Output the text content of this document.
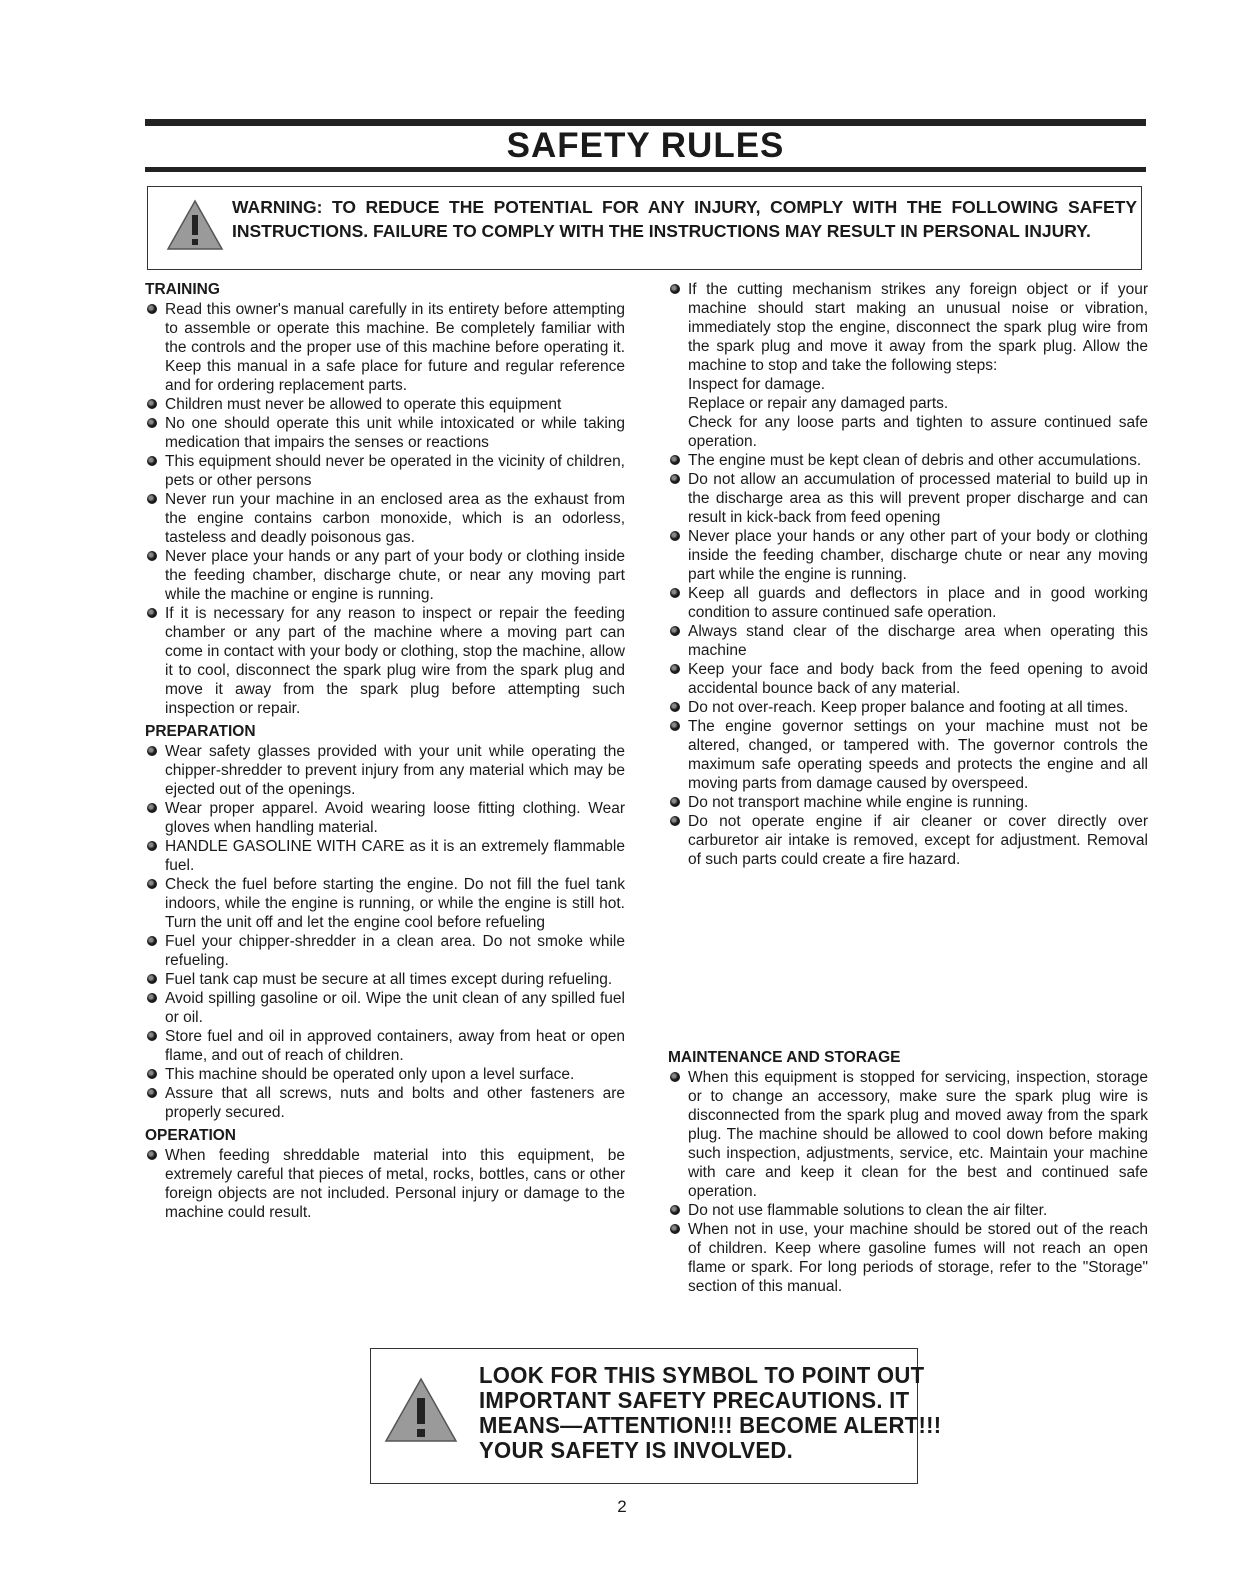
SAFETY RULES
WARNING: TO REDUCE THE POTENTIAL FOR ANY INJURY, COMPLY WITH THE FOLLOWING SAFETY INSTRUCTIONS. FAILURE TO COMPLY WITH THE INSTRUCTIONS MAY RESULT IN PERSONAL INJURY.
TRAINING

Read this owner's manual carefully in its entirety before attempting to assemble or operate this machine. Be completely familiar with the controls and the proper use of this machine before operating it. Keep this manual in a safe place for future and regular reference and for ordering replacement parts.

Children must never be allowed to operate this equipment

No one should operate this unit while intoxicated or while taking medication that impairs the senses or reactions

This equipment should never be operated in the vicinity of children, pets or other persons

Never run your machine in an enclosed area as the exhaust from the engine contains carbon monoxide, which is an odorless, tasteless and deadly poisonous gas.

Never place your hands or any part of your body or clothing inside the feeding chamber, discharge chute, or near any moving part while the machine or engine is running.

If it is necessary for any reason to inspect or repair the feeding chamber or any part of the machine where a moving part can come in contact with your body or clothing, stop the machine, allow it to cool, disconnect the spark plug wire from the spark plug and move it away from the spark plug before attempting such inspection or repair.

PREPARATION

Wear safety glasses provided with your unit while operating the chipper-shredder to prevent injury from any material which may be ejected out of the openings.

Wear proper apparel. Avoid wearing loose fitting clothing. Wear gloves when handling material.

HANDLE GASOLINE WITH CARE as it is an extremely flammable fuel.

Check the fuel before starting the engine. Do not fill the fuel tank indoors, while the engine is running, or while the engine is still hot. Turn the unit off and let the engine cool before refueling

Fuel your chipper-shredder in a clean area. Do not smoke while refueling.

Fuel tank cap must be secure at all times except during refueling.

Avoid spilling gasoline or oil. Wipe the unit clean of any spilled fuel or oil.

Store fuel and oil in approved containers, away from heat or open flame, and out of reach of children.

This machine should be operated only upon a level surface.

Assure that all screws, nuts and bolts and other fasteners are properly secured.

OPERATION

When feeding shreddable material into this equipment, be extremely careful that pieces of metal, rocks, bottles, cans or other foreign objects are not included. Personal injury or damage to the machine could result.

If the cutting mechanism strikes any foreign object or if your machine should start making an unusual noise or vibration, immediately stop the engine, disconnect the spark plug wire from the spark plug and move it away from the spark plug. Allow the machine to stop and take the following steps:

Inspect for damage.

Replace or repair any damaged parts.

Check for any loose parts and tighten to assure continued safe operation.

The engine must be kept clean of debris and other accumulations.

Do not allow an accumulation of processed material to build up in the discharge area as this will prevent proper discharge and can result in kick-back from feed opening

Never place your hands or any other part of your body or clothing inside the feeding chamber, discharge chute or near any moving part while the engine is running.

Keep all guards and deflectors in place and in good working condition to assure continued safe operation.

Always stand clear of the discharge area when operating this machine

Keep your face and body back from the feed opening to avoid accidental bounce back of any material.

Do not over-reach. Keep proper balance and footing at all times.

The engine governor settings on your machine must not be altered, changed, or tampered with. The governor controls the maximum safe operating speeds and protects the engine and all moving parts from damage caused by overspeed.

Do not transport machine while engine is running.

Do not operate engine if air cleaner or cover directly over carburetor air intake is removed, except for adjustment. Removal of such parts could create a fire hazard.

MAINTENANCE AND STORAGE

When this equipment is stopped for servicing, inspection, storage or to change an accessory, make sure the spark plug wire is disconnected from the spark plug and moved away from the spark plug. The machine should be allowed to cool down before making such inspection, adjustments, service, etc. Maintain your machine with care and keep it clean for the best and continued safe operation.

Do not use flammable solutions to clean the air filter.

When not in use, your machine should be stored out of the reach of children. Keep where gasoline fumes will not reach an open flame or spark. For long periods of storage, refer to the "Storage" section of this manual.

LOOK FOR THIS SYMBOL TO POINT OUT
IMPORTANT SAFETY PRECAUTIONS. IT
MEANS—ATTENTION!!! BECOME ALERT!!!
YOUR SAFETY IS INVOLVED.
2
